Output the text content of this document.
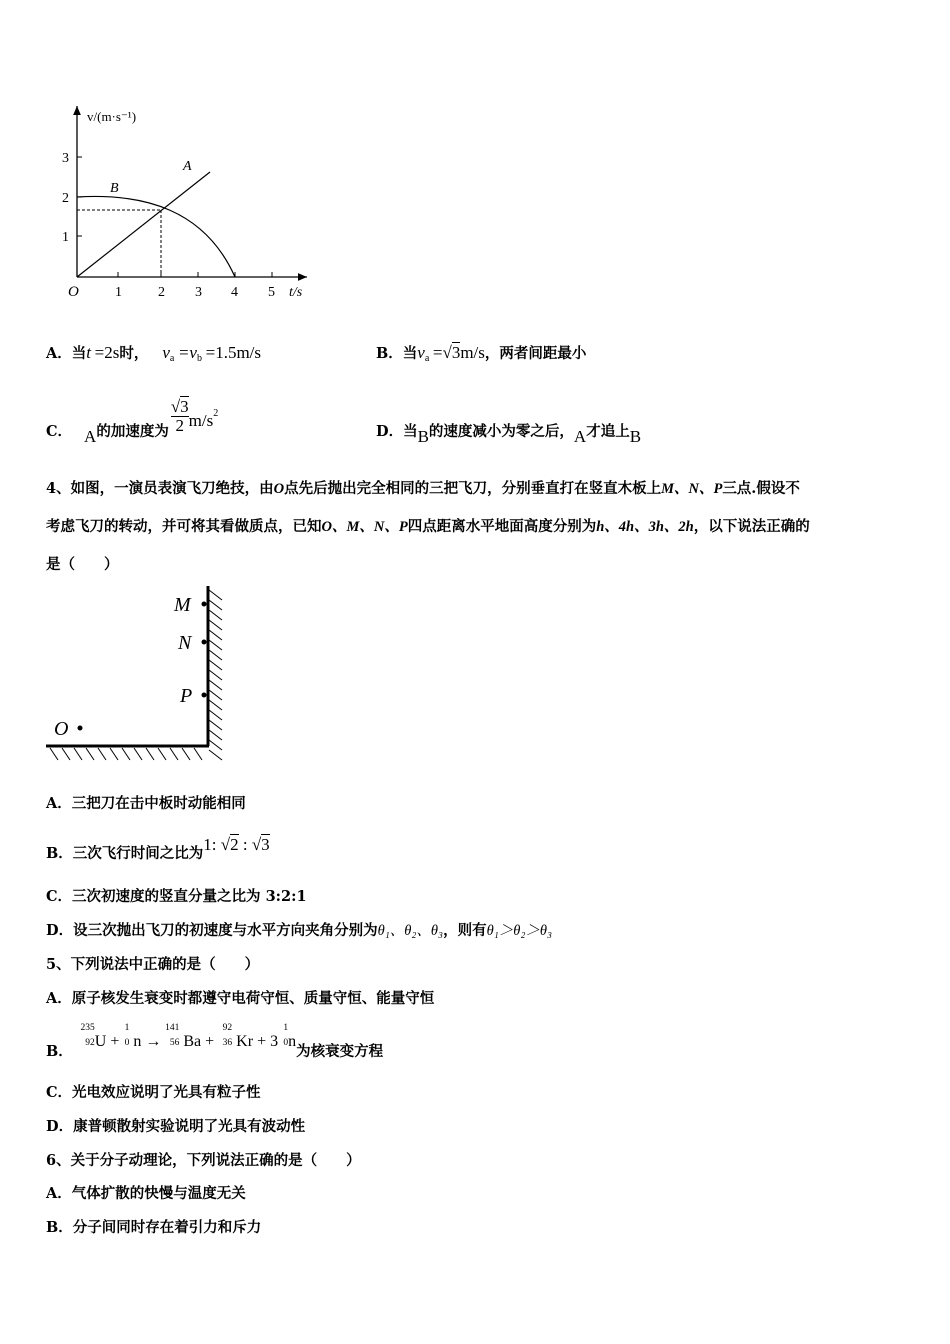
v/(m·s⁻¹)
t/s
O	1	2 3 4 5
1
2
3
A
B
A．当t =2s时， $v_a =v_b =1.5m/s$	B．当$v_a =√3m/s$，两者间距最小
C． A的加速度为 $\frac{√3}{2} m/s_2$
D．当B的速度减小为零之后，A才追上B
4、如图，一演员表演飞刀绝技，由O点先后抛出完全相同的三把飞刀，分别垂直打在竖直木板上M、N、P三点.假设不
考虑飞刀的转动，并可将其看做质点，已知O、M、N、P四点距离水平地面高度分别为h、4h、3h、2h，以下说法正确的
是（　　）
M
N
P
O
A．三把刀在击中板时动能相同
B．三次飞行时间之比为1: √2 : √3
C．三次初速度的竖直分量之比为 3:2:1
D．设三次抛出飞刀的初速度与水平方向夹角分别为θ₁、θ₂、θ₃，则有θ₁＞θ₂＞θ₃
5、下列说法中正确的是（　　）
A．原子核发生衰变时都遵守电荷守恒、质量守恒、能量守恒
B．
235
92 U +
1
0 n →
141
56 Ba +
92
36 Kr + 3
1
0 n为核衰变方程
C．光电效应说明了光具有粒子性
D．康普顿散射实验说明了光具有波动性
6、关于分子动理论，下列说法正确的是（　　）
A．气体扩散的快慢与温度无关
B．分子间同时存在着引力和斥力
